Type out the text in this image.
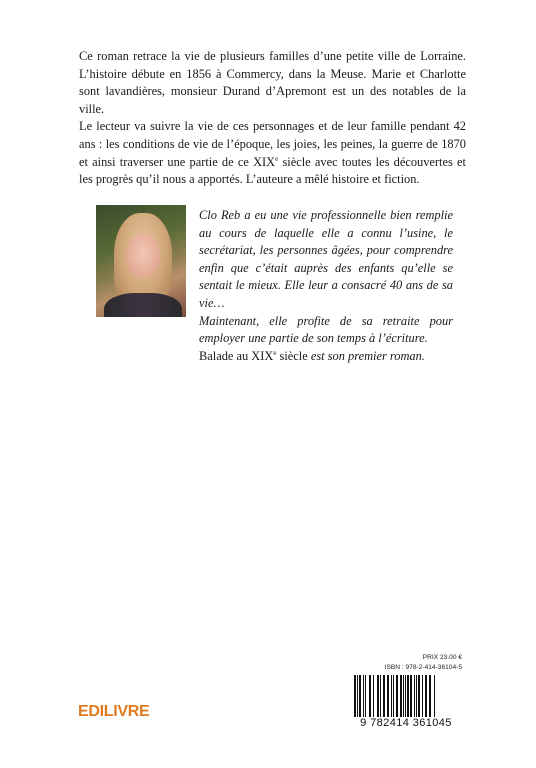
Ce roman retrace la vie de plusieurs familles d’une petite ville de Lorraine. L’histoire débute en 1856 à Commercy, dans la Meuse. Marie et Charlotte sont lavandières, monsieur Durand d’Apremont est un des notables de la ville.

Le lecteur va suivre la vie de ces personnages et de leur famille pendant 42 ans : les conditions de vie de l’époque, les joies, les peines, la guerre de 1870 et ainsi traverser une partie de ce XIXe siècle avec toutes les découvertes et les progrès qu’il nous a apportés. L’auteure a mêlé histoire et fiction.

Clo Reb a eu une vie professionnelle bien remplie au cours de laquelle elle a connu l’usine, le secrétariat, les personnes âgées, pour comprendre enfin que c’était auprès des enfants qu’elle se sentait le mieux. Elle leur a consacré 40 ans de sa vie…

Maintenant, elle profite de sa retraite pour employer une partie de son temps à l’écriture.

Balade au XIXe siècle est son premier roman.

PRIX 23.00 €
ISBN : 978-2-414-36104-5
9 782414 361045
EDILIVRE
